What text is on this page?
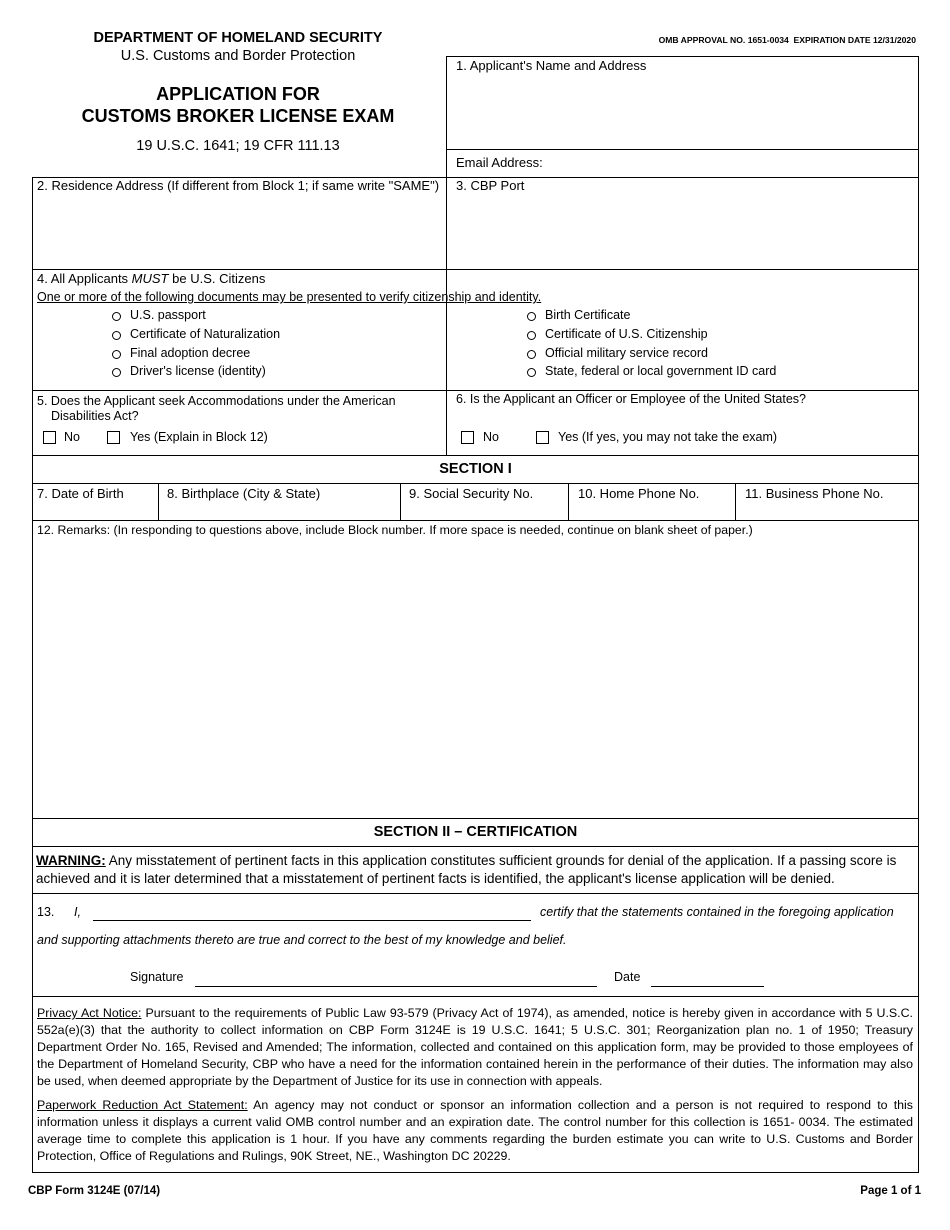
DEPARTMENT OF HOMELAND SECURITY
U.S. Customs and Border Protection
APPLICATION FOR
CUSTOMS BROKER LICENSE EXAM
19 U.S.C. 1641; 19 CFR 111.13
OMB APPROVAL NO. 1651-0034  EXPIRATION DATE 12/31/2020
1. Applicant's Name and Address
Email Address:
2. Residence Address (If different from Block 1; if same write "SAME") 3. CBP Port
4. All Applicants MUST be U.S. Citizens
One or more of the following documents may be presented to verify citizenship and identity.
U.S. passport
Certificate of Naturalization
Final adoption decree
Driver's license (identity)
Birth Certificate
Certificate of U.S. Citizenship
Official military service record
State, federal or local government ID card
5. Does the Applicant seek Accommodations under the American
Disabilities Act?
No	Yes (Explain in Block 12)
6. Is the Applicant an Officer or Employee of the United States?
No	Yes (If yes, you may not take the exam)
SECTION I
7. Date of Birth	8. Birthplace (City & State)	9. Social Security No.	10. Home Phone No.	11. Business Phone No.
12. Remarks: (In responding to questions above, include Block number. If more space is needed, continue on blank sheet of paper.)
SECTION II – CERTIFICATION
WARNING: Any misstatement of pertinent facts in this application constitutes sufficient grounds for denial of the application. If a passing score is achieved and it is later determined that a misstatement of pertinent facts is identified, the applicant's license application will be denied.
13. I,	certify that the statements contained in the foregoing application
and supporting attachments thereto are true and correct to the best of my knowledge and belief.
Signature	Date
Privacy Act Notice: Pursuant to the requirements of Public Law 93-579 (Privacy Act of 1974), as amended, notice is hereby given in accordance with 5 U.S.C. 552a(e)(3) that the authority to collect information on CBP Form 3124E is 19 U.S.C. 1641; 5 U.S.C. 301; Reorganization plan no. 1 of 1950; Treasury Department Order No. 165, Revised and Amended; The information, collected and contained on this application form, may be provided to those employees of the Department of Homeland Security, CBP who have a need for the information contained herein in the performance of their duties. The information may also be used, when deemed appropriate by the Department of Justice for its use in connection with appeals.
Paperwork Reduction Act Statement: An agency may not conduct or sponsor an information collection and a person is not required to respond to this information unless it displays a current valid OMB control number and an expiration date. The control number for this collection is 1651- 0034. The estimated average time to complete this application is 1 hour. If you have any comments regarding the burden estimate you can write to U.S. Customs and Border Protection, Office of Regulations and Rulings, 90K Street, NE., Washington DC 20229.
CBP Form 3124E (07/14)	Page 1 of 1
